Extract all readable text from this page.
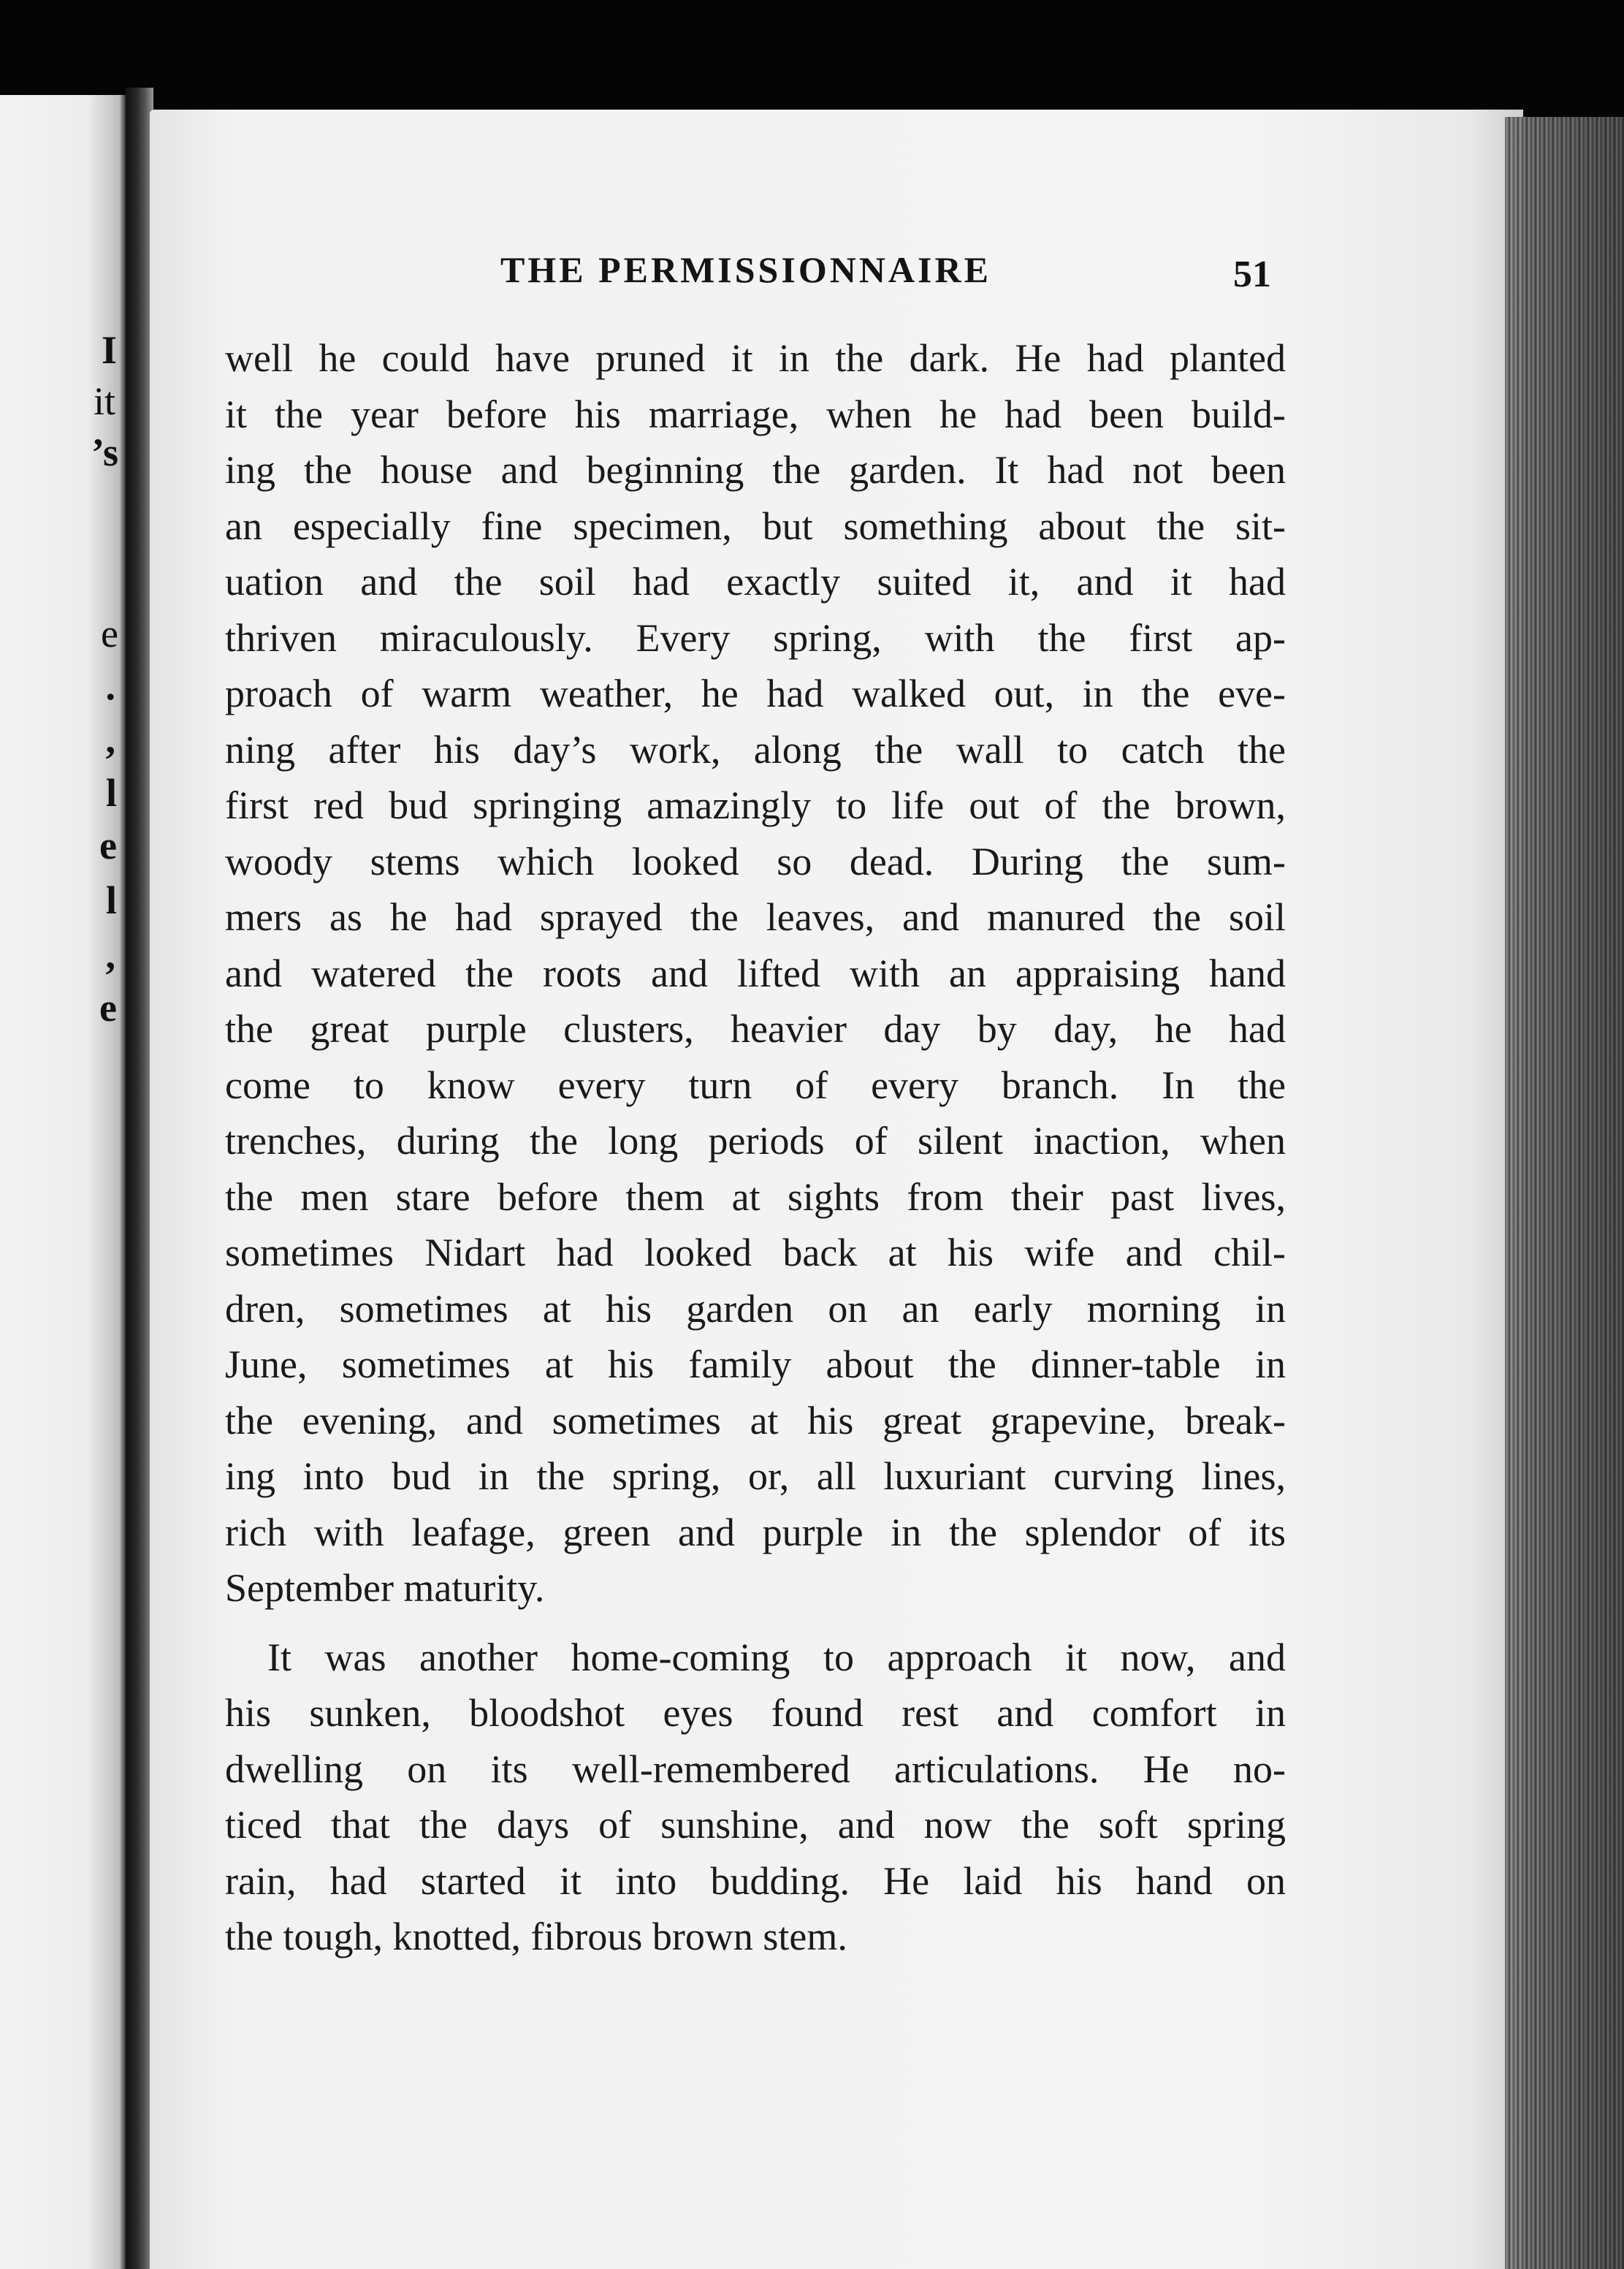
I
it
’s
e
.
,
l
e
l
,
e
THE PERMISSIONNAIRE	51
well he could have pruned it in the dark. He had planted
it the year before his marriage, when he had been build-
ing the house and beginning the garden. It had not been
an especially fine specimen, but something about the sit-
uation and the soil had exactly suited it, and it had
thriven miraculously. Every spring, with the first ap-
proach of warm weather, he had walked out, in the eve-
ning after his day’s work, along the wall to catch the
first red bud springing amazingly to life out of the brown,
woody stems which looked so dead. During the sum-
mers as he had sprayed the leaves, and manured the soil
and watered the roots and lifted with an appraising hand
the great purple clusters, heavier day by day, he had
come to know every turn of every branch. In the
trenches, during the long periods of silent inaction, when
the men stare before them at sights from their past lives,
sometimes Nidart had looked back at his wife and chil-
dren, sometimes at his garden on an early morning in
June, sometimes at his family about the dinner-table in
the evening, and sometimes at his great grapevine, break-
ing into bud in the spring, or, all luxuriant curving lines,
rich with leafage, green and purple in the splendor of its
September maturity.
It was another home-coming to approach it now, and
his sunken, bloodshot eyes found rest and comfort in
dwelling on its well-remembered articulations. He no-
ticed that the days of sunshine, and now the soft spring
rain, had started it into budding. He laid his hand on
the tough, knotted, fibrous brown stem.
